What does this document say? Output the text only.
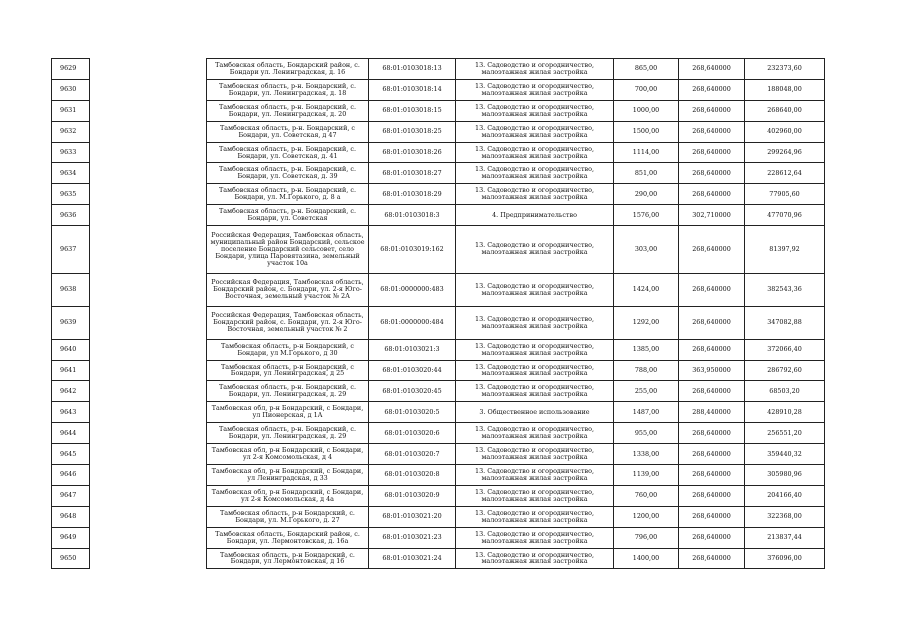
9629		Тамбовская область, Бондарский район, с. Бондари ул. Ленинградская, д. 16	68:01:0103018:13	13. Садоводство и огородничество, малоэтажная жилая застройка	865,00	268,640000	232373,60
9630		Тамбовская область, р-н. Бондарский, с. Бондари, ул. Ленинградская, д. 18	68:01:0103018:14	13. Садоводство и огородничество, малоэтажная жилая застройка	700,00	268,640000	188048,00
9631		Тамбовская область, р-н. Бондарский, с. Бондари, ул. Ленинградская, д. 20	68:01:0103018:15	13. Садоводство и огородничество, малоэтажная жилая застройка	1000,00	268,640000	268640,00
9632		Тамбовская область, р-н. Бондарский, с Бондари, ул. Советская, д 47	68:01:0103018:25	13. Садоводство и огородничество, малоэтажная жилая застройка	1500,00	268,640000	402960,00
9633		Тамбовская область, р-н. Бондарский, с. Бондари, ул. Советская, д. 41	68:01:0103018:26	13. Садоводство и огородничество, малоэтажная жилая застройка	1114,00	268,640000	299264,96
9634		Тамбовская область, р-н. Бондарский, с. Бондари, ул. Советская, д. 39	68:01:0103018:27	13. Садоводство и огородничество, малоэтажная жилая застройка	851,00	268,640000	228612,64
9635		Тамбовская область, р-н. Бондарский, с. Бондари, ул. М.Горького, д. 8 а	68:01:0103018:29	13. Садоводство и огородничество, малоэтажная жилая застройка	290,00	268,640000	77905,60
9636		Тамбовская область, р-н. Бондарский, с. Бондари, ул. Советская	68:01:0103018:3	4. Предпринимательство	1576,00	302,710000	477070,96
9637		Российская Федерация, Тамбовская область, муниципальный район Бондарский, сельское поселение Бондарский сельсовет, село Бондари, улица Паровятазина, земельный участок 10а	68:01:0103019:162	13. Садоводство и огородничество, малоэтажная жилая застройка	303,00	268,640000	81397,92
9638		Российская Федерация, Тамбовская область, Бондарский район, с. Бондари, ул. 2-я Юго-Восточная, земельный участок № 2А	68:01:0000000:483	13. Садоводство и огородничество, малоэтажная жилая застройка	1424,00	268,640000	382543,36
9639		Российская Федерация, Тамбовская область, Бондарский район, с. Бондари, ул. 2-я Юго-Восточная, земельный участок № 2	68:01:0000000:484	13. Садоводство и огородничество, малоэтажная жилая застройка	1292,00	268,640000	347082,88
9640		Тамбовская область, р-н Бондарский, с Бондари, ул М.Горького, д 30	68:01:0103021:3	13. Садоводство и огородничество, малоэтажная жилая застройка	1385,00	268,640000	372066,40
9641		Тамбовская область, р-н Бондарский, с Бондари, ул Ленинградская, д 25	68:01:0103020:44	13. Садоводство и огородничество, малоэтажная жилая застройка	788,00	363,950000	286792,60
9642		Тамбовская область, р-н. Бондарский, с. Бондари, ул. Ленинградская, д. 29	68:01:0103020:45	13. Садоводство и огородничество, малоэтажная жилая застройка	255,00	268,640000	68503,20
9643		Тамбовская обл, р-н Бондарский, с Бондари, ул Пионерская, д 1А	68:01:0103020:5	3. Общественное использование	1487,00	288,440000	428910,28
9644		Тамбовская область, р-н. Бондарский, с. Бондари, ул. Ленинградская, д. 29	68:01:0103020:6	13. Садоводство и огородничество, малоэтажная жилая застройка	955,00	268,640000	256551,20
9645		Тамбовская обл, р-н Бондарский, с Бондари, ул 2-я Комсомольская, д 4	68:01:0103020:7	13. Садоводство и огородничество, малоэтажная жилая застройка	1338,00	268,640000	359440,32
9646		Тамбовская обл, р-н Бондарский, с Бондари, ул Ленинградская, д 33	68:01:0103020:8	13. Садоводство и огородничество, малоэтажная жилая застройка	1139,00	268,640000	305980,96
9647		Тамбовская обл, р-н Бондарский, с Бондари, ул 2-я Комсомольская, д 4а	68:01:0103020:9	13. Садоводство и огородничество, малоэтажная жилая застройка	760,00	268,640000	204166,40
9648		Тамбовская область, р-н Бондарский, с. Бондари, ул. М.Горького, д. 27	68:01:0103021:20	13. Садоводство и огородничество, малоэтажная жилая застройка	1200,00	268,640000	322368,00
9649		Тамбовская область, Бондарский район, с. Бондари, ул. Лермонтовская, д. 16а	68:01:0103021:23	13. Садоводство и огородничество, малоэтажная жилая застройка	796,00	268,640000	213837,44
9650		Тамбовская область, р-н Бондарский, с. Бондари, ул Лермонтовская, д 16	68:01:0103021:24	13. Садоводство и огородничество, малоэтажная жилая застройка	1400,00	268,640000	376096,00
